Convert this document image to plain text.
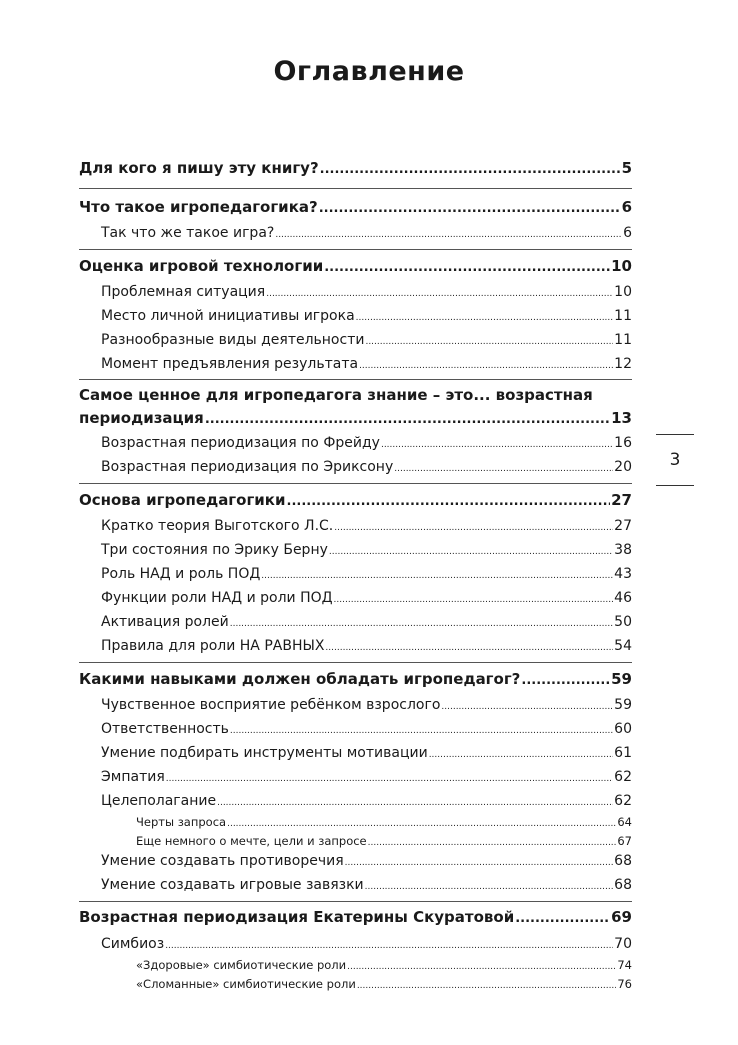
Оглавление
Для кого я пишу эту книгу? .....	5
Что такое игропедагогика? .....	6
Так что же такое игра? .....	6
Оценка игровой технологии .....	10
Проблемная ситуация .....	10
Место личной инициативы игрока .....	11
Разнообразные виды деятельности .....	11
Момент предъявления результата .....	12
Самое ценное для игропедагога знание – это... возрастная
периодизация .....	13
Возрастная периодизация по Фрейду .....	16
Возрастная периодизация по Эриксону .....	20
Основа игропедагогики .....	27
Кратко теория Выготского Л.С. .....	27
Три состояния по Эрику Берну .....	38
Роль НАД и роль ПОД .....	43
Функции роли НАД и роли ПОД .....	46
Активация ролей .....	50
Правила для роли НА РАВНЫХ .....	54
Какими навыками должен обладать игропедагог? .....	59
Чувственное восприятие ребёнком взрослого .....	59
Ответственность .....	60
Умение подбирать инструменты мотивации .....	61
Эмпатия .....	62
Целеполагание .....	62
Черты запроса .....	64
Еще немного о мечте, цели и запросе .....	67
Умение создавать противоречия .....	68
Умение создавать игровые завязки .....	68
Возрастная периодизация Екатерины Скуратовой .....	69
Симбиоз .....	70
«Здоровые» симбиотические роли .....	74
«Сломанные» симбиотические роли .....	76
3
